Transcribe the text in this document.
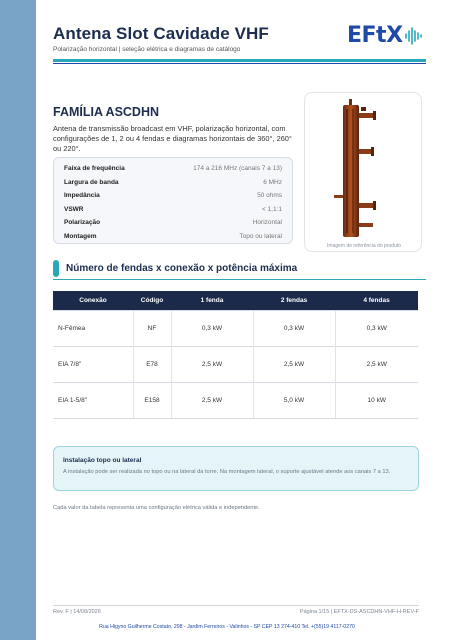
Antena Slot Cavidade VHF
Polarização horizontal | seleção elétrica e diagramas de catálogo
EFtX
FAMÍLIA ASCDHN
Antena de transmissão broadcast em VHF, polarização horizontal, com configurações de 1, 2 ou 4 fendas e diagramas horizontais de 360°, 260° ou 220°.
Faixa de frequência	174 a 216 MHz (canais 7 a 13)
Largura de banda	6 MHz
Impedância	50 ohms
VSWR	< 1,1:1
Polarização	Horizontal
Montagem	Topo ou lateral
Imagem de referência do produto
Número de fendas x conexão x potência máxima
Conexão	Código	1 fenda	2 fendas	4 fendas
N-Fêmea	NF	0,3 kW	0,3 kW	0,3 kW
EIA 7/8"	E78	2,5 kW	2,5 kW	2,5 kW
EIA 1-5/8"	E158	2,5 kW	5,0 kW	10 kW
Instalação topo ou lateral
A instalação pode ser realizada no topo ou na lateral da torre. Na montagem lateral, o suporte ajustável atende aos canais 7 a 13.
Cada valor da tabela representa uma configuração elétrica válida e independente.
Rev. F | 14/08/2026	Página 1/15 | EFTX-DS-ASCDHN-VHF-H-REV-F
Rua Higyno Guilherme Costato, 298 - Jardim Ferreiros - Valinhos - SP CEP 13 274-410 Tel. +(55)19 4117-0270
